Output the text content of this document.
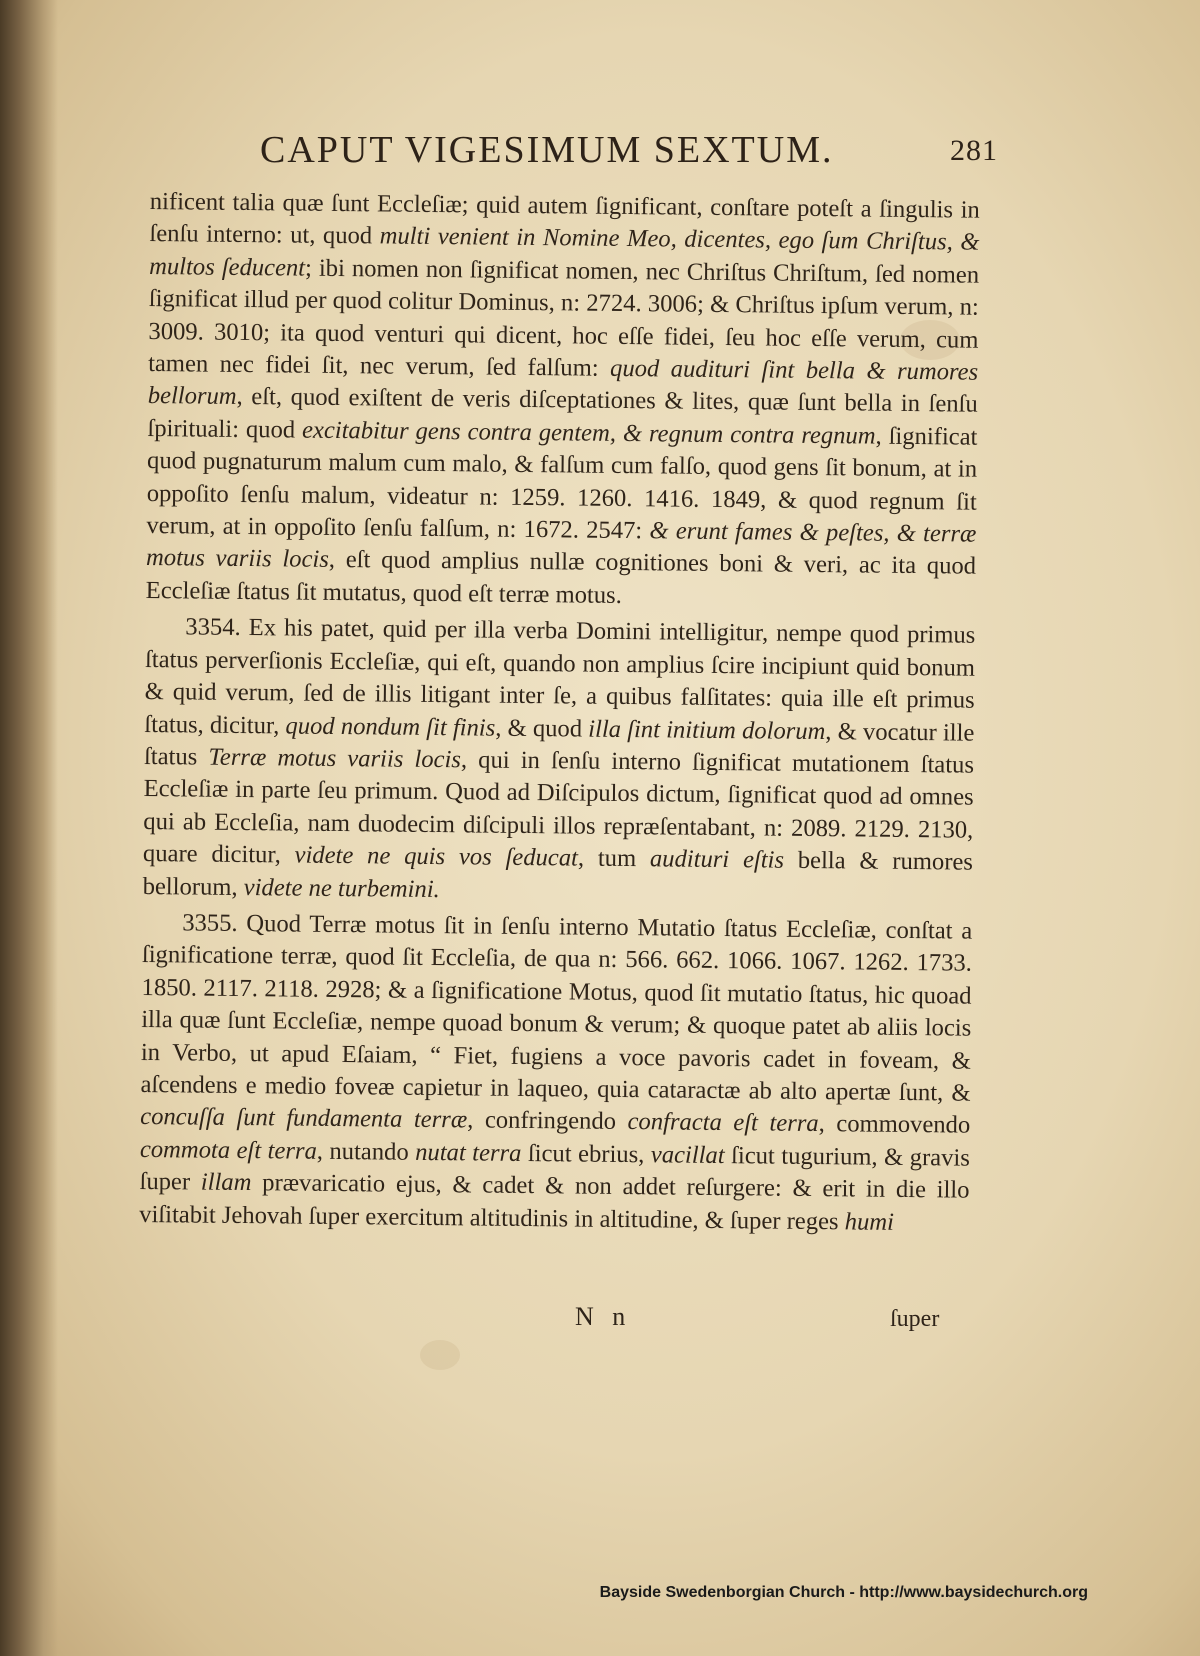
CAPUT VIGESIMUM SEXTUM.	281

nificent talia quæ ſunt Eccleſiæ; quid autem ſignificant, conſtare poteſt a ſingulis in ſenſu interno: ut, quod multi venient in Nomine Meo, dicentes, ego ſum Chriſtus, & multos ſeducent; ibi nomen non ſignificat nomen, nec Chriſtus Chriſtum, ſed nomen ſignificat illud per quod colitur Dominus, n: 2724. 3006; & Chriſtus ipſum verum, n: 3009. 3010; ita quod venturi qui dicent, hoc eſſe fidei, ſeu hoc eſſe verum, cum tamen nec fidei ſit, nec verum, ſed falſum: quod audituri ſint bella & rumores bellorum, eſt, quod exiſtent de veris diſceptationes & lites, quæ ſunt bella in ſenſu ſpirituali: quod excitabitur gens contra gentem, & regnum contra regnum, ſignificat quod pugnaturum malum cum malo, & falſum cum falſo, quod gens ſit bonum, at in oppoſito ſenſu malum, videatur n: 1259. 1260. 1416. 1849, & quod regnum ſit verum, at in oppoſito ſenſu falſum, n: 1672. 2547: & erunt fames & peſtes, & terræ motus variis locis, eſt quod amplius nullæ cognitiones boni & veri, ac ita quod Eccleſiæ ſtatus ſit mutatus, quod eſt terræ motus.

3354. Ex his patet, quid per illa verba Domini intelligitur, nempe quod primus ſtatus perverſionis Eccleſiæ, qui eſt, quando non amplius ſcire incipiunt quid bonum & quid verum, ſed de illis litigant inter ſe, a quibus falſitates: quia ille eſt primus ſtatus, dicitur, quod nondum ſit finis, & quod illa ſint initium dolorum, & vocatur ille ſtatus Terræ motus variis locis, qui in ſenſu interno ſignificat mutationem ſtatus Eccleſiæ in parte ſeu primum. Quod ad Diſcipulos dictum, ſignificat quod ad omnes qui ab Eccleſia, nam duodecim diſcipuli illos repræſentabant, n: 2089. 2129. 2130, quare dicitur, videte ne quis vos ſeducat, tum audituri eſtis bella & rumores bellorum, videte ne turbemini.

3355. Quod Terræ motus ſit in ſenſu interno Mutatio ſtatus Eccleſiæ, conſtat a ſignificatione terræ, quod ſit Eccleſia, de qua n: 566. 662. 1066. 1067. 1262. 1733. 1850. 2117. 2118. 2928; & a ſignificatione Motus, quod ſit mutatio ſtatus, hic quoad illa quæ ſunt Eccleſiæ, nempe quoad bonum & verum; & quoque patet ab aliis locis in Verbo, ut apud Eſaiam, “ Fiet, fugiens a voce pavoris cadet in foveam, & aſcendens e medio foveæ capietur in laqueo, quia cataractæ ab alto apertæ ſunt, & concuſſa ſunt fundamenta terræ, confringendo confracta eſt terra, commovendo commota eſt terra, nutando nutat terra ſicut ebrius, vacillat ſicut tugurium, & gravis ſuper illam prævaricatio ejus, & cadet & non addet reſurgere: & erit in die illo viſitabit Jehovah ſuper exercitum altitudinis in altitudine, & ſuper reges humi

N n	ſuper
Bayside Swedenborgian Church - http://www.baysidechurch.org
